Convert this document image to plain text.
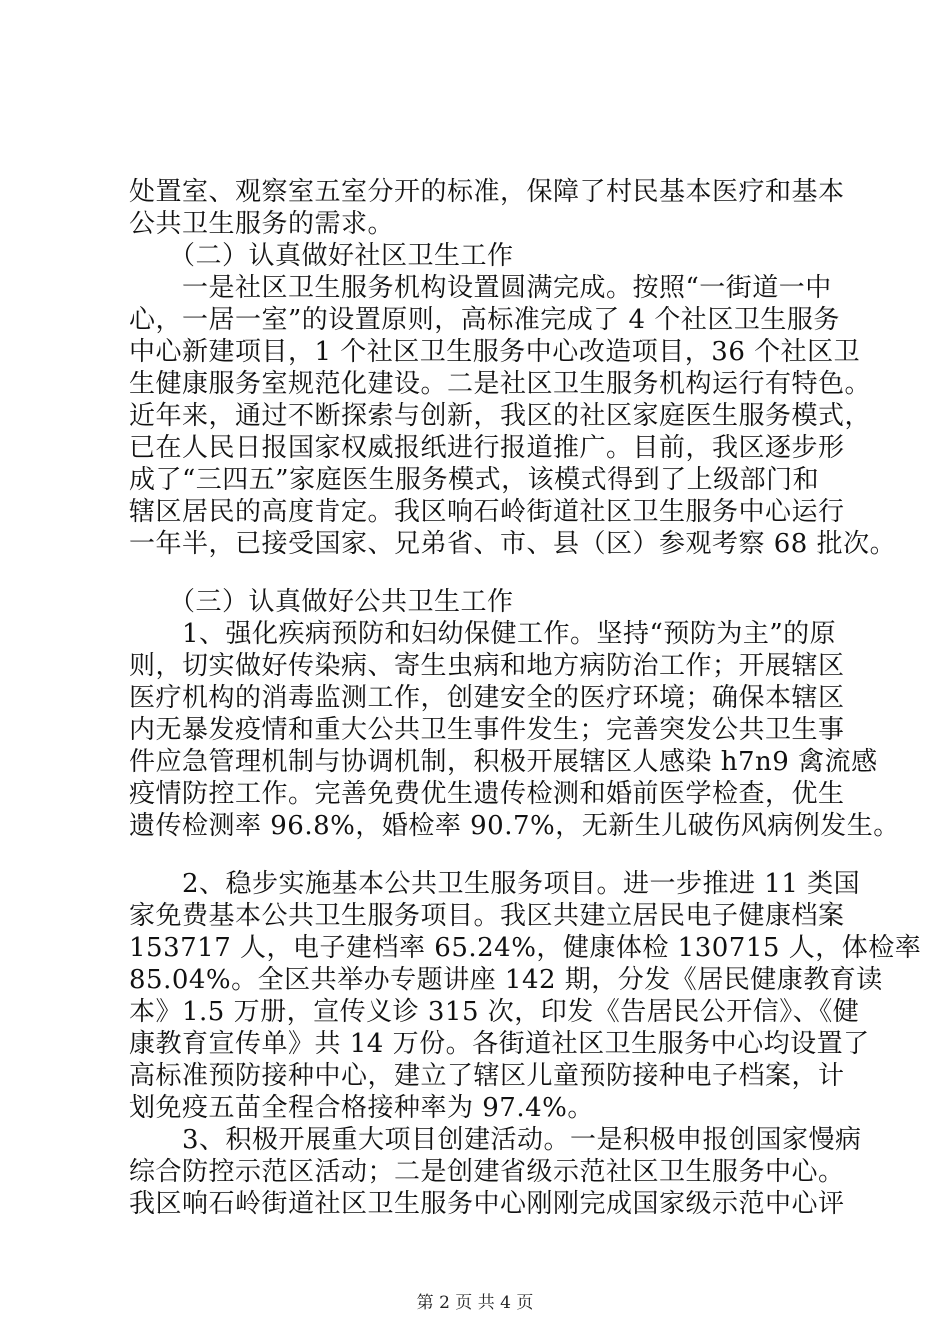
处置室、观察室五室分开的标准，保障了村民基本医疗和基本
公共卫生服务的需求。
　　（二）认真做好社区卫生工作
　　一是社区卫生服务机构设置圆满完成。按照“一街道一中
心，一居一室”的设置原则，高标准完成了 4 个社区卫生服务
中心新建项目，1 个社区卫生服务中心改造项目，36 个社区卫
生健康服务室规范化建设。二是社区卫生服务机构运行有特色。
近年来，通过不断探索与创新，我区的社区家庭医生服务模式，
已在人民日报国家权威报纸进行报道推广。目前，我区逐步形
成了“三四五”家庭医生服务模式，该模式得到了上级部门和
辖区居民的高度肯定。我区响石岭街道社区卫生服务中心运行
一年半，已接受国家、兄弟省、市、县（区）参观考察 68 批次。
　　（三）认真做好公共卫生工作
　　1、强化疾病预防和妇幼保健工作。坚持“预防为主”的原
则，切实做好传染病、寄生虫病和地方病防治工作；开展辖区
医疗机构的消毒监测工作，创建安全的医疗环境；确保本辖区
内无暴发疫情和重大公共卫生事件发生；完善突发公共卫生事
件应急管理机制与协调机制，积极开展辖区人感染 h7n9 禽流感
疫情防控工作。完善免费优生遗传检测和婚前医学检查，优生
遗传检测率 96.8%，婚检率 90.7%，无新生儿破伤风病例发生。
　　2、稳步实施基本公共卫生服务项目。进一步推进 11 类国
家免费基本公共卫生服务项目。我区共建立居民电子健康档案
153717 人，电子建档率 65.24%，健康体检 130715 人，体检率
85.04%。全区共举办专题讲座 142 期，分发《居民健康教育读
本》1.5 万册，宣传义诊 315 次，印发《告居民公开信》、《健
康教育宣传单》共 14 万份。各街道社区卫生服务中心均设置了
高标准预防接种中心，建立了辖区儿童预防接种电子档案，计
划免疫五苗全程合格接种率为 97.4%。
　　3、积极开展重大项目创建活动。一是积极申报创国家慢病
综合防控示范区活动；二是创建省级示范社区卫生服务中心。
我区响石岭街道社区卫生服务中心刚刚完成国家级示范中心评
第 2 页 共 4 页
